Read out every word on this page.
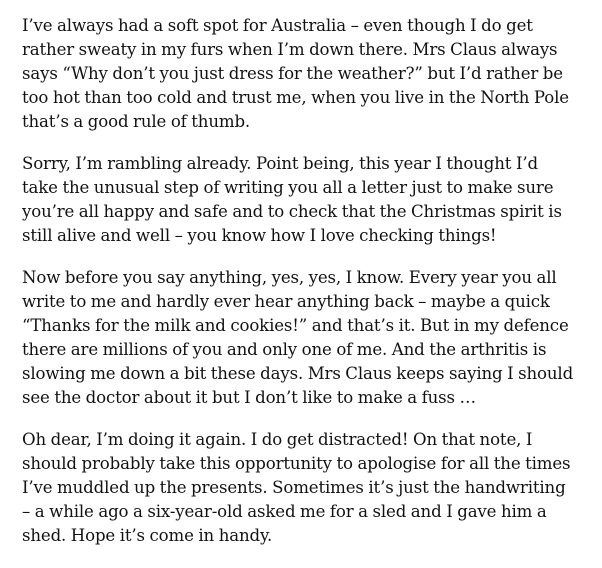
I’ve always had a soft spot for Australia – even though I do get rather sweaty in my furs when I’m down there. Mrs Claus always says “Why don’t you just dress for the weather?” but I’d rather be too hot than too cold and trust me, when you live in the North Pole that’s a good rule of thumb.

Sorry, I’m rambling already. Point being, this year I thought I’d take the unusual step of writing you all a letter just to make sure you’re all happy and safe and to check that the Christmas spirit is still alive and well – you know how I love checking things!

Now before you say anything, yes, yes, I know. Every year you all write to me and hardly ever hear anything back – maybe a quick “Thanks for the milk and cookies!” and that’s it. But in my defence there are millions of you and only one of me. And the arthritis is slowing me down a bit these days. Mrs Claus keeps saying I should see the doctor about it but I don’t like to make a fuss …

Oh dear, I’m doing it again. I do get distracted! On that note, I should probably take this opportunity to apologise for all the times I’ve muddled up the presents. Sometimes it’s just the handwriting – a while ago a six-year-old asked me for a sled and I gave him a shed. Hope it’s come in handy.
